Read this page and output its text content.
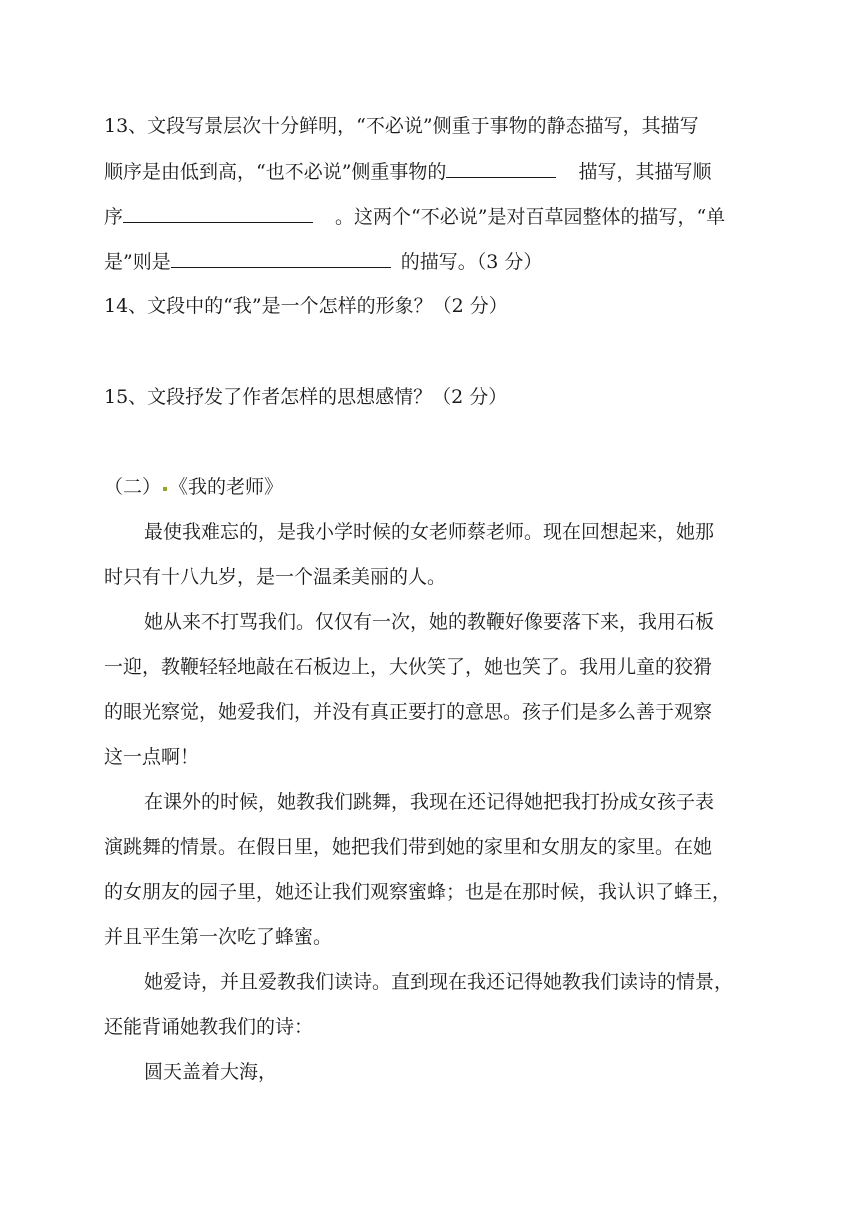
13、文段写景层次十分鲜明，“不必说”侧重于事物的静态描写，其描写
顺序是由低到高，“也不必说”侧重事物的	描写，其描写顺
序	。这两个“不必说”是对百草园整体的描写，“单
是”则是	的描写。（3 分）
14、文段中的“我”是一个怎样的形象？（2 分）
15、文段抒发了作者怎样的思想感情？（2 分）
（二） 《我的老师》
最使我难忘的，是我小学时候的女老师蔡老师。现在回想起来，她那
时只有十八九岁，是一个温柔美丽的人。
她从来不打骂我们。仅仅有一次，她的教鞭好像要落下来，我用石板
一迎，教鞭轻轻地敲在石板边上，大伙笑了，她也笑了。我用儿童的狡猾
的眼光察觉，她爱我们，并没有真正要打的意思。孩子们是多么善于观察
这一点啊！
在课外的时候，她教我们跳舞，我现在还记得她把我打扮成女孩子表
演跳舞的情景。在假日里，她把我们带到她的家里和女朋友的家里。在她
的女朋友的园子里，她还让我们观察蜜蜂；也是在那时候，我认识了蜂王，
并且平生第一次吃了蜂蜜。
她爱诗，并且爱教我们读诗。直到现在我还记得她教我们读诗的情景，
还能背诵她教我们的诗：
圆天盖着大海，
